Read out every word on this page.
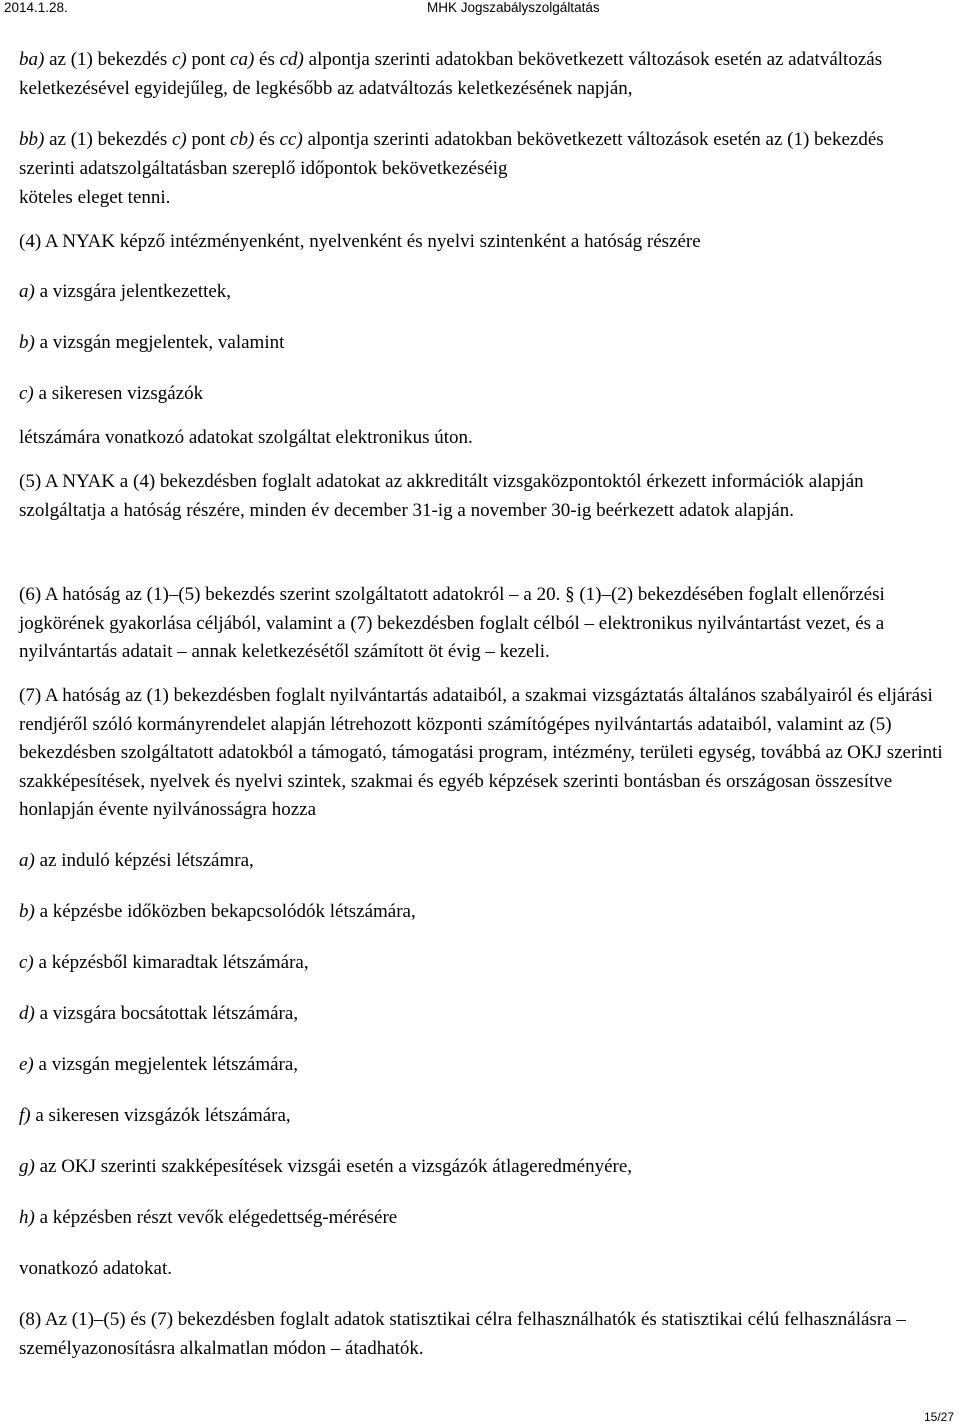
2014.1.28.	MHK Jogszabályszolgáltatás

ba) az (1) bekezdés c) pont ca) és cd) alpontja szerinti adatokban bekövetkezett változások esetén az adatváltozás keletkezésével egyidejűleg, de legkésőbb az adatváltozás keletkezésének napján,

bb) az (1) bekezdés c) pont cb) és cc) alpontja szerinti adatokban bekövetkezett változások esetén az (1) bekezdés szerinti adatszolgáltatásban szereplő időpontok bekövetkezéséig

köteles eleget tenni.

(4) A NYAK képző intézményenként, nyelvenként és nyelvi szintenként a hatóság részére

a) a vizsgára jelentkezettek,

b) a vizsgán megjelentek, valamint

c) a sikeresen vizsgázók

létszámára vonatkozó adatokat szolgáltat elektronikus úton.

(5) A NYAK a (4) bekezdésben foglalt adatokat az akkreditált vizsgaközpontoktól érkezett információk alapján szolgáltatja a hatóság részére, minden év december 31-ig a november 30-ig beérkezett adatok alapján.

(6) A hatóság az (1)–(5) bekezdés szerint szolgáltatott adatokról – a 20. § (1)–(2) bekezdésében foglalt ellenőrzési jogkörének gyakorlása céljából, valamint a (7) bekezdésben foglalt célból – elektronikus nyilvántartást vezet, és a nyilvántartás adatait – annak keletkezésétől számított öt évig – kezeli.

(7) A hatóság az (1) bekezdésben foglalt nyilvántartás adataiból, a szakmai vizsgáztatás általános szabályairól és eljárási rendjéről szóló kormányrendelet alapján létrehozott központi számítógépes nyilvántartás adataiból, valamint az (5) bekezdésben szolgáltatott adatokból a támogató, támogatási program, intézmény, területi egység, továbbá az OKJ szerinti szakképesítések, nyelvek és nyelvi szintek, szakmai és egyéb képzések szerinti bontásban és országosan összesítve honlapján évente nyilvánosságra hozza

a) az induló képzési létszámra,

b) a képzésbe időközben bekapcsolódók létszámára,

c) a képzésből kimaradtak létszámára,

d) a vizsgára bocsátottak létszámára,

e) a vizsgán megjelentek létszámára,

f) a sikeresen vizsgázók létszámára,

g) az OKJ szerinti szakképesítések vizsgái esetén a vizsgázók átlageredményére,

h) a képzésben részt vevők elégedettség-mérésére

vonatkozó adatokat.

(8) Az (1)–(5) és (7) bekezdésben foglalt adatok statisztikai célra felhasználhatók és statisztikai célú felhasználásra – személyazonosításra alkalmatlan módon – átadhatók.

15/27
